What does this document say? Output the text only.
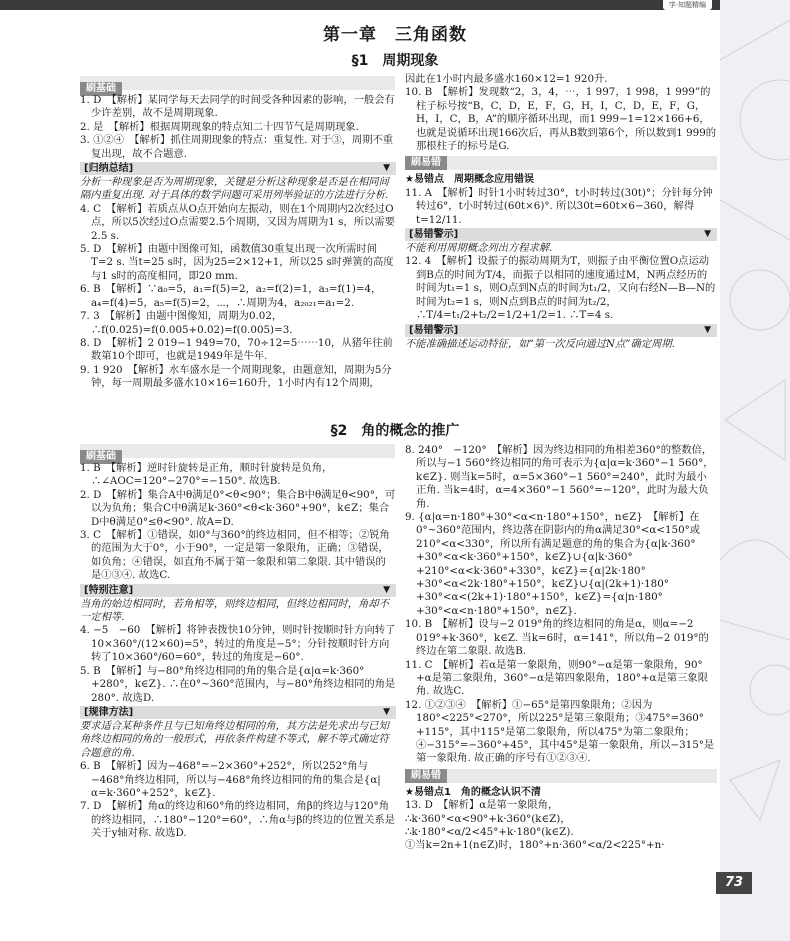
学·知题精编
第一章　三角函数
§1　周期现象
刷基础

1. D　【解析】某同学每天去同学的时间受各种因素的影响，一般会有少许差别，故不是周期现象.

2. 是　【解析】根据周期现象的特点知二十四节气是周期现象.

3. ①②④　【解析】抓住周期现象的特点：重复性. 对于③，周期不重复出现，故不合题意.

[归纳总结] ▼

分析一种现象是否为周期现象，关键是分析这种现象是否是在相同间隔内重复出现. 对于具体的数学问题可采用列举验证的方法进行分析.

4. C　【解析】若质点从O点开始向左振动，则在1个周期内2次经过O点，所以5次经过O点需要2.5个周期，又因为周期为1 s，所以需要2.5 s.

5. D　【解析】由题中图像可知，函数值30重复出现一次所需时间T=2 s. 当t=25 s时，因为25=2×12+1，所以25 s时弹簧的高度与1 s时的高度相同，即20 mm.

6. B　【解析】∵a₀=5，a₁=f(5)=2，a₂=f(2)=1，a₃=f(1)=4，a₄=f(4)=5，a₅=f(5)=2，⋯，∴周期为4，a₂₀₂₁=a₁=2.

7. 3　【解析】由题中图像知，周期为0.02，∴f(0.025)=f(0.005+0.02)=f(0.005)=3.

8. D　【解析】2 019−1 949=70，70÷12=5⋯⋯10，从猪年往前数第10个即可，也就是1949年是牛年.

9. 1 920　【解析】水车盛水是一个周期现象，由题意知，周期为5分钟，每一周期最多盛水10×16=160升，1小时内有12个周期，

因此在1小时内最多盛水160×12=1 920升.

10. B　【解析】发现数“2，3，4，⋯，1 997，1 998，1 999”的柱子标号按“B，C，D，E，F，G，H，I，C，D，E，F，G，H，I，C，B，A”的顺序循环出现，而1 999−1=12×166+6，也就是说循环出现166次后，再从B数到第6个，所以数到1 999的那根柱子的标号是G.

刷易错

★易错点　周期概念应用错误

11. A　【解析】时针1小时转过30°，t小时转过(30t)°；分针每分钟转过6°，t小时转过(60t×6)°. 所以30t=60t×6−360，解得t=12/11.

[易错警示] ▼

不能利用周期概念列出方程求解.

12. 4　【解析】设振子的振动周期为T，则振子由平衡位置O点运动到B点的时间为T/4，而振子以相同的速度通过M，N两点经历的时间为t₁=1 s，则O点到N点的时间为t₁/2，又向右经N—B—N的时间为t₂=1 s，则N点到B点的时间为t₂/2，∴T/4=t₁/2+t₂/2=1/2+1/2=1. ∴T=4 s.

[易错警示] ▼

不能准确描述运动特征，如“第一次反向通过N点”确定周期.

§2　角的概念的推广
刷基础

1. B　【解析】逆时针旋转是正角，顺时针旋转是负角，∴∠AOC=120°−270°=−150°. 故选B.

2. D　【解析】集合A中θ满足0°<θ<90°；集合B中θ满足θ<90°，可以为负角；集合C中θ满足k·360°<θ<k·360°+90°，k∈Z；集合D中θ满足0°≤θ<90°. 故A=D.

3. C　【解析】①错误，如0°与360°的终边相同，但不相等；②锐角的范围为大于0°，小于90°，一定是第一象限角，正确；③错误，如负角；④错误，如直角不属于第一象限和第二象限. 其中错误的是①③④. 故选C.

[特别注意] ▼

当角的始边相同时，若角相等，则终边相同，但终边相同时，角却不一定相等.

4. −5　−60　【解析】将钟表拨快10分钟，则时针按顺时针方向转了10×360°/(12×60)=5°，转过的角度是−5°；分针按顺时针方向转了10×360°/60=60°，转过的角度是−60°.

5. B　【解析】与−80°角终边相同的角的集合是{α|α=k·360°+280°，k∈Z}. ∴在0°~360°范围内，与−80°角终边相同的角是280°. 故选D.

[规律方法] ▼

要求适合某种条件且与已知角终边相同的角，其方法是先求出与已知角终边相同的角的一般形式，再依条件构建不等式，解不等式确定符合题意的角.

6. B　【解析】因为−468°=−2×360°+252°，所以252°角与−468°角终边相同，所以与−468°角终边相同的角的集合是{α|α=k·360°+252°，k∈Z}.

7. D　【解析】角α的终边和60°角的终边相同，角β的终边与120°角的终边相同，∴180°−120°=60°，∴角α与β的终边的位置关系是关于y轴对称. 故选D.

8. 240°　−120°　【解析】因为终边相同的角相差360°的整数倍，所以与−1 560°终边相同的角可表示为{α|α=k·360°−1 560°，k∈Z}. 则当k=5时，α=5×360°−1 560°=240°，此时为最小正角. 当k=4时，α=4×360°−1 560°=−120°，此时为最大负角.

9. {α|α=n·180°+30°<α<n·180°+150°，n∈Z}　【解析】在0°~360°范围内，终边落在阴影内的角α满足30°<α<150°或210°<α<330°，所以所有满足题意的角的集合为{α|k·360°+30°<α<k·360°+150°，k∈Z}∪{α|k·360°+210°<α<k·360°+330°，k∈Z}={α|2k·180°+30°<α<2k·180°+150°，k∈Z}∪{α|(2k+1)·180°+30°<α<(2k+1)·180°+150°，k∈Z}={α|n·180°+30°<α<n·180°+150°，n∈Z}.

10. B　【解析】设与−2 019°角的终边相同的角是α，则α=−2 019°+k·360°，k∈Z. 当k=6时，α=141°，所以角−2 019°的终边在第二象限. 故选B.

11. C　【解析】若α是第一象限角，则90°−α是第一象限角，90°+α是第二象限角，360°−α是第四象限角，180°+α是第三象限角. 故选C.

12. ①②③④　【解析】①−65°是第四象限角；②因为180°<225°<270°，所以225°是第三象限角；③475°=360°+115°，其中115°是第二象限角，所以475°为第二象限角；④−315°=−360°+45°，其中45°是第一象限角，所以−315°是第一象限角. 故正确的序号有①②③④.

刷易错

★易错点1　角的概念认识不清

13. D　【解析】α是第一象限角，

∴k·360°<α<90°+k·360°(k∈Z)，

∴k·180°<α/2<45°+k·180°(k∈Z).

①当k=2n+1(n∈Z)时，180°+n·360°<α/2<225°+n·

73
